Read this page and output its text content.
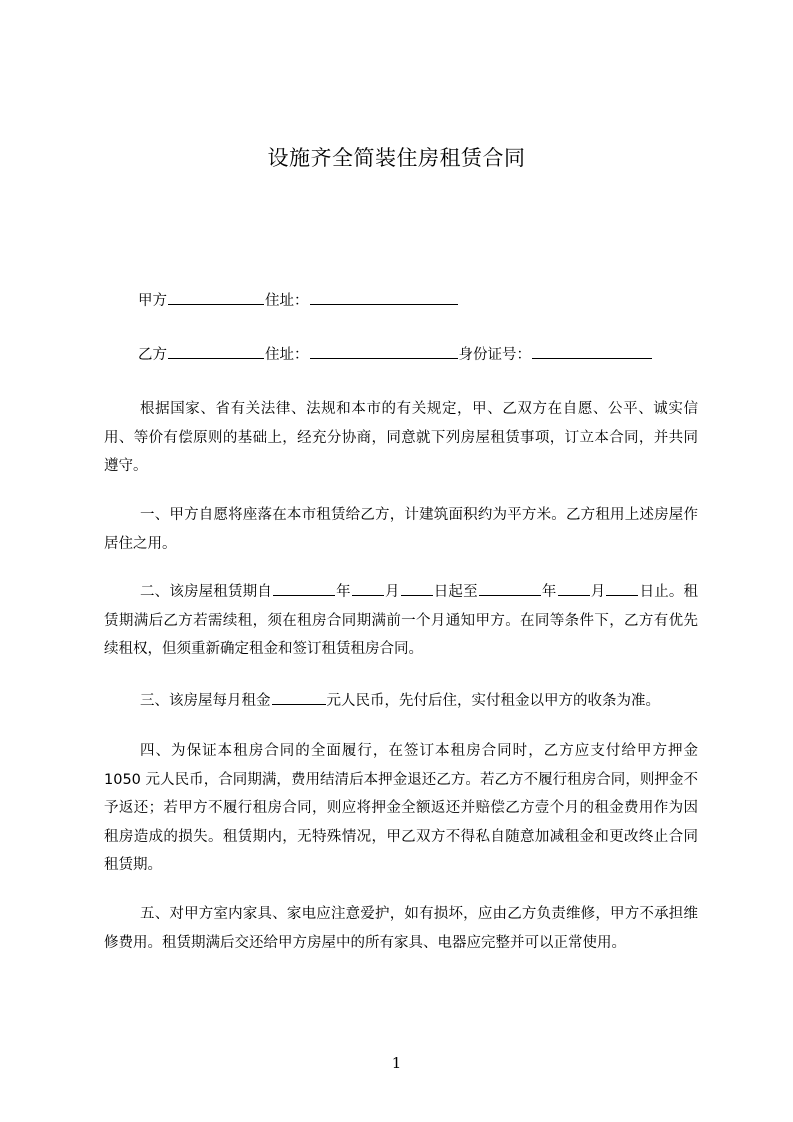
设施齐全简装住房租赁合同
甲方	住址：
乙方	住址：	身份证号：
根据国家、省有关法律、法规和本市的有关规定，甲、乙双方在自愿、公平、诚实信用、等价有偿原则的基础上，经充分协商，同意就下列房屋租赁事项，订立本合同，并共同遵守。
一、甲方自愿将座落在本市租赁给乙方，计建筑面积约为平方米。乙方租用上述房屋作居住之用。
二、该房屋租赁期自	年 月 日起至	年 月 日止。租赁期满后乙方若需续租，须在租房合同期满前一个月通知甲方。在同等条件下，乙方有优先续租权，但须重新确定租金和签订租赁租房合同。
三、该房屋每月租金	元人民币，先付后住，实付租金以甲方的收条为准。
四、为保证本租房合同的全面履行，在签订本租房合同时，乙方应支付给甲方押金 1050 元人民币，合同期满，费用结清后本押金退还乙方。若乙方不履行租房合同，则押金不予返还；若甲方不履行租房合同，则应将押金全额返还并赔偿乙方壹个月的租金费用作为因租房造成的损失。租赁期内，无特殊情况，甲乙双方不得私自随意加减租金和更改终止合同租赁期。
五、对甲方室内家具、家电应注意爱护，如有损坏，应由乙方负责维修，甲方不承担维修费用。租赁期满后交还给甲方房屋中的所有家具、电器应完整并可以正常使用。
1
